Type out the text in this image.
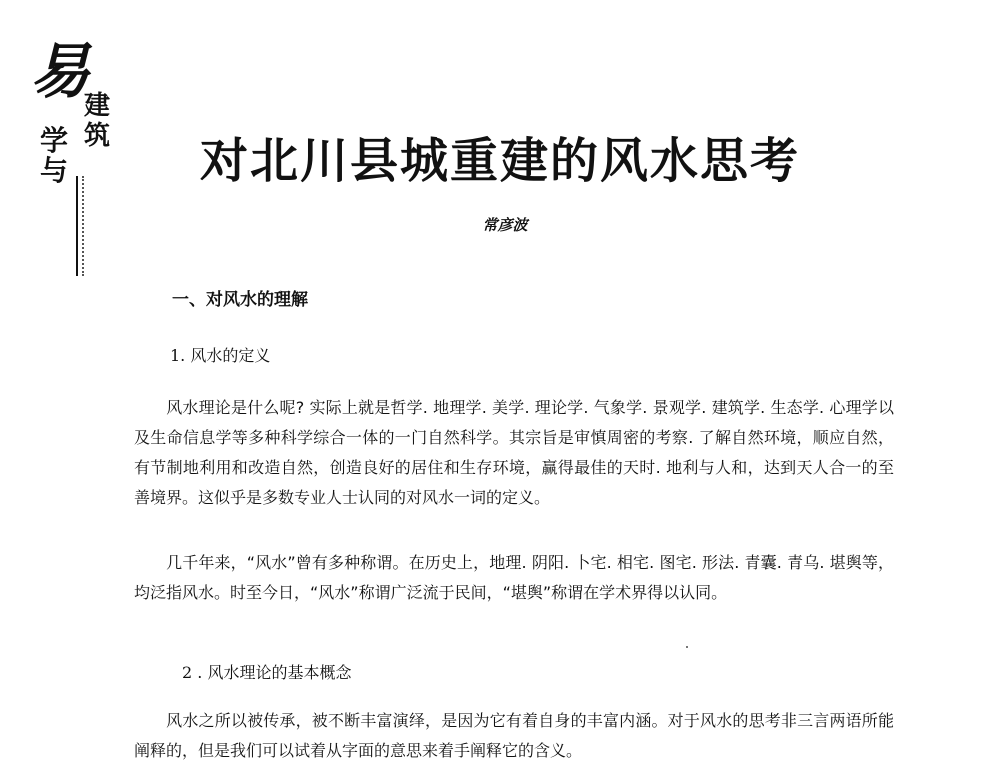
易
建
筑
学
与	对北川县城重建的风水思考
常彦波
一、对风水的理解
1. 风水的定义

风水理论是什么呢? 实际上就是哲学. 地理学. 美学. 理论学. 气象学. 景观学. 建筑学. 生态学. 心理学以及生命信息学等多种科学综合一体的一门自然科学。其宗旨是审慎周密的考察. 了解自然环境，顺应自然，有节制地利用和改造自然，创造良好的居住和生存环境，赢得最佳的天时. 地利与人和，达到天人合一的至善境界。这似乎是多数专业人士认同的对风水一词的定义。

几千年来，“风水”曾有多种称谓。在历史上，地理. 阴阳. 卜宅. 相宅. 图宅. 形法. 青囊. 青乌. 堪舆等，均泛指风水。时至今日，“风水”称谓广泛流于民间，“堪舆”称谓在学术界得以认同。

2 . 风水理论的基本概念

风水之所以被传承，被不断丰富演绎，是因为它有着自身的丰富内涵。对于风水的思考非三言两语所能阐释的，但是我们可以试着从字面的意思来着手阐释它的含义。
